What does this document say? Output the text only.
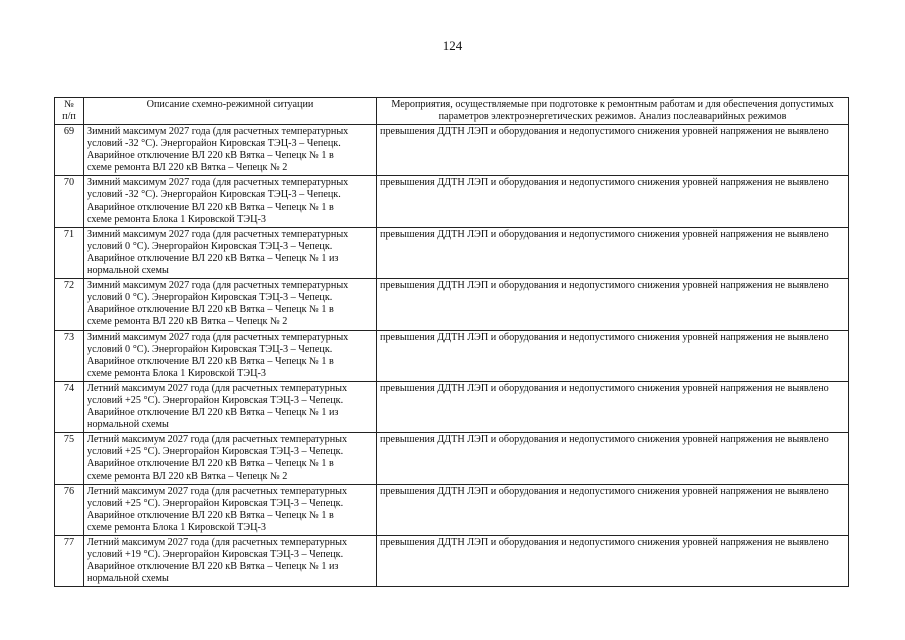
124
№
п/п	Описание схемно-режимной ситуации	Мероприятия, осуществляемые при подготовке к ремонтным работам и для обеспечения допустимых параметров электроэнергетических режимов. Анализ послеаварийных режимов
69	Зимний максимум 2027 года (для расчетных температурных
условий -32 °С). Энергорайон Кировская ТЭЦ-3 – Чепецк.
Аварийное отключение ВЛ 220 кВ Вятка – Чепецк № 1 в
схеме ремонта ВЛ 220 кВ Вятка – Чепецк № 2	превышения ДДТН ЛЭП и оборудования и недопустимого снижения уровней напряжения не выявлено
70	Зимний максимум 2027 года (для расчетных температурных
условий -32 °С). Энергорайон Кировская ТЭЦ-3 – Чепецк.
Аварийное отключение ВЛ 220 кВ Вятка – Чепецк № 1 в
схеме ремонта Блока 1 Кировской ТЭЦ-3	превышения ДДТН ЛЭП и оборудования и недопустимого снижения уровней напряжения не выявлено
71	Зимний максимум 2027 года (для расчетных температурных
условий 0 °С). Энергорайон Кировская ТЭЦ-3 – Чепецк.
Аварийное отключение ВЛ 220 кВ Вятка – Чепецк № 1 из
нормальной схемы	превышения ДДТН ЛЭП и оборудования и недопустимого снижения уровней напряжения не выявлено
72	Зимний максимум 2027 года (для расчетных температурных
условий 0 °С). Энергорайон Кировская ТЭЦ-3 – Чепецк.
Аварийное отключение ВЛ 220 кВ Вятка – Чепецк № 1 в
схеме ремонта ВЛ 220 кВ Вятка – Чепецк № 2	превышения ДДТН ЛЭП и оборудования и недопустимого снижения уровней напряжения не выявлено
73	Зимний максимум 2027 года (для расчетных температурных
условий 0 °С). Энергорайон Кировская ТЭЦ-3 – Чепецк.
Аварийное отключение ВЛ 220 кВ Вятка – Чепецк № 1 в
схеме ремонта Блока 1 Кировской ТЭЦ-3	превышения ДДТН ЛЭП и оборудования и недопустимого снижения уровней напряжения не выявлено
74	Летний максимум 2027 года (для расчетных температурных
условий +25 °С). Энергорайон Кировская ТЭЦ-3 – Чепецк.
Аварийное отключение ВЛ 220 кВ Вятка – Чепецк № 1 из
нормальной схемы	превышения ДДТН ЛЭП и оборудования и недопустимого снижения уровней напряжения не выявлено
75	Летний максимум 2027 года (для расчетных температурных
условий +25 °С). Энергорайон Кировская ТЭЦ-3 – Чепецк.
Аварийное отключение ВЛ 220 кВ Вятка – Чепецк № 1 в
схеме ремонта ВЛ 220 кВ Вятка – Чепецк № 2	превышения ДДТН ЛЭП и оборудования и недопустимого снижения уровней напряжения не выявлено
76	Летний максимум 2027 года (для расчетных температурных
условий +25 °С). Энергорайон Кировская ТЭЦ-3 – Чепецк.
Аварийное отключение ВЛ 220 кВ Вятка – Чепецк № 1 в
схеме ремонта Блока 1 Кировской ТЭЦ-3	превышения ДДТН ЛЭП и оборудования и недопустимого снижения уровней напряжения не выявлено
77	Летний максимум 2027 года (для расчетных температурных
условий +19 °С). Энергорайон Кировская ТЭЦ-3 – Чепецк.
Аварийное отключение ВЛ 220 кВ Вятка – Чепецк № 1 из
нормальной схемы	превышения ДДТН ЛЭП и оборудования и недопустимого снижения уровней напряжения не выявлено
